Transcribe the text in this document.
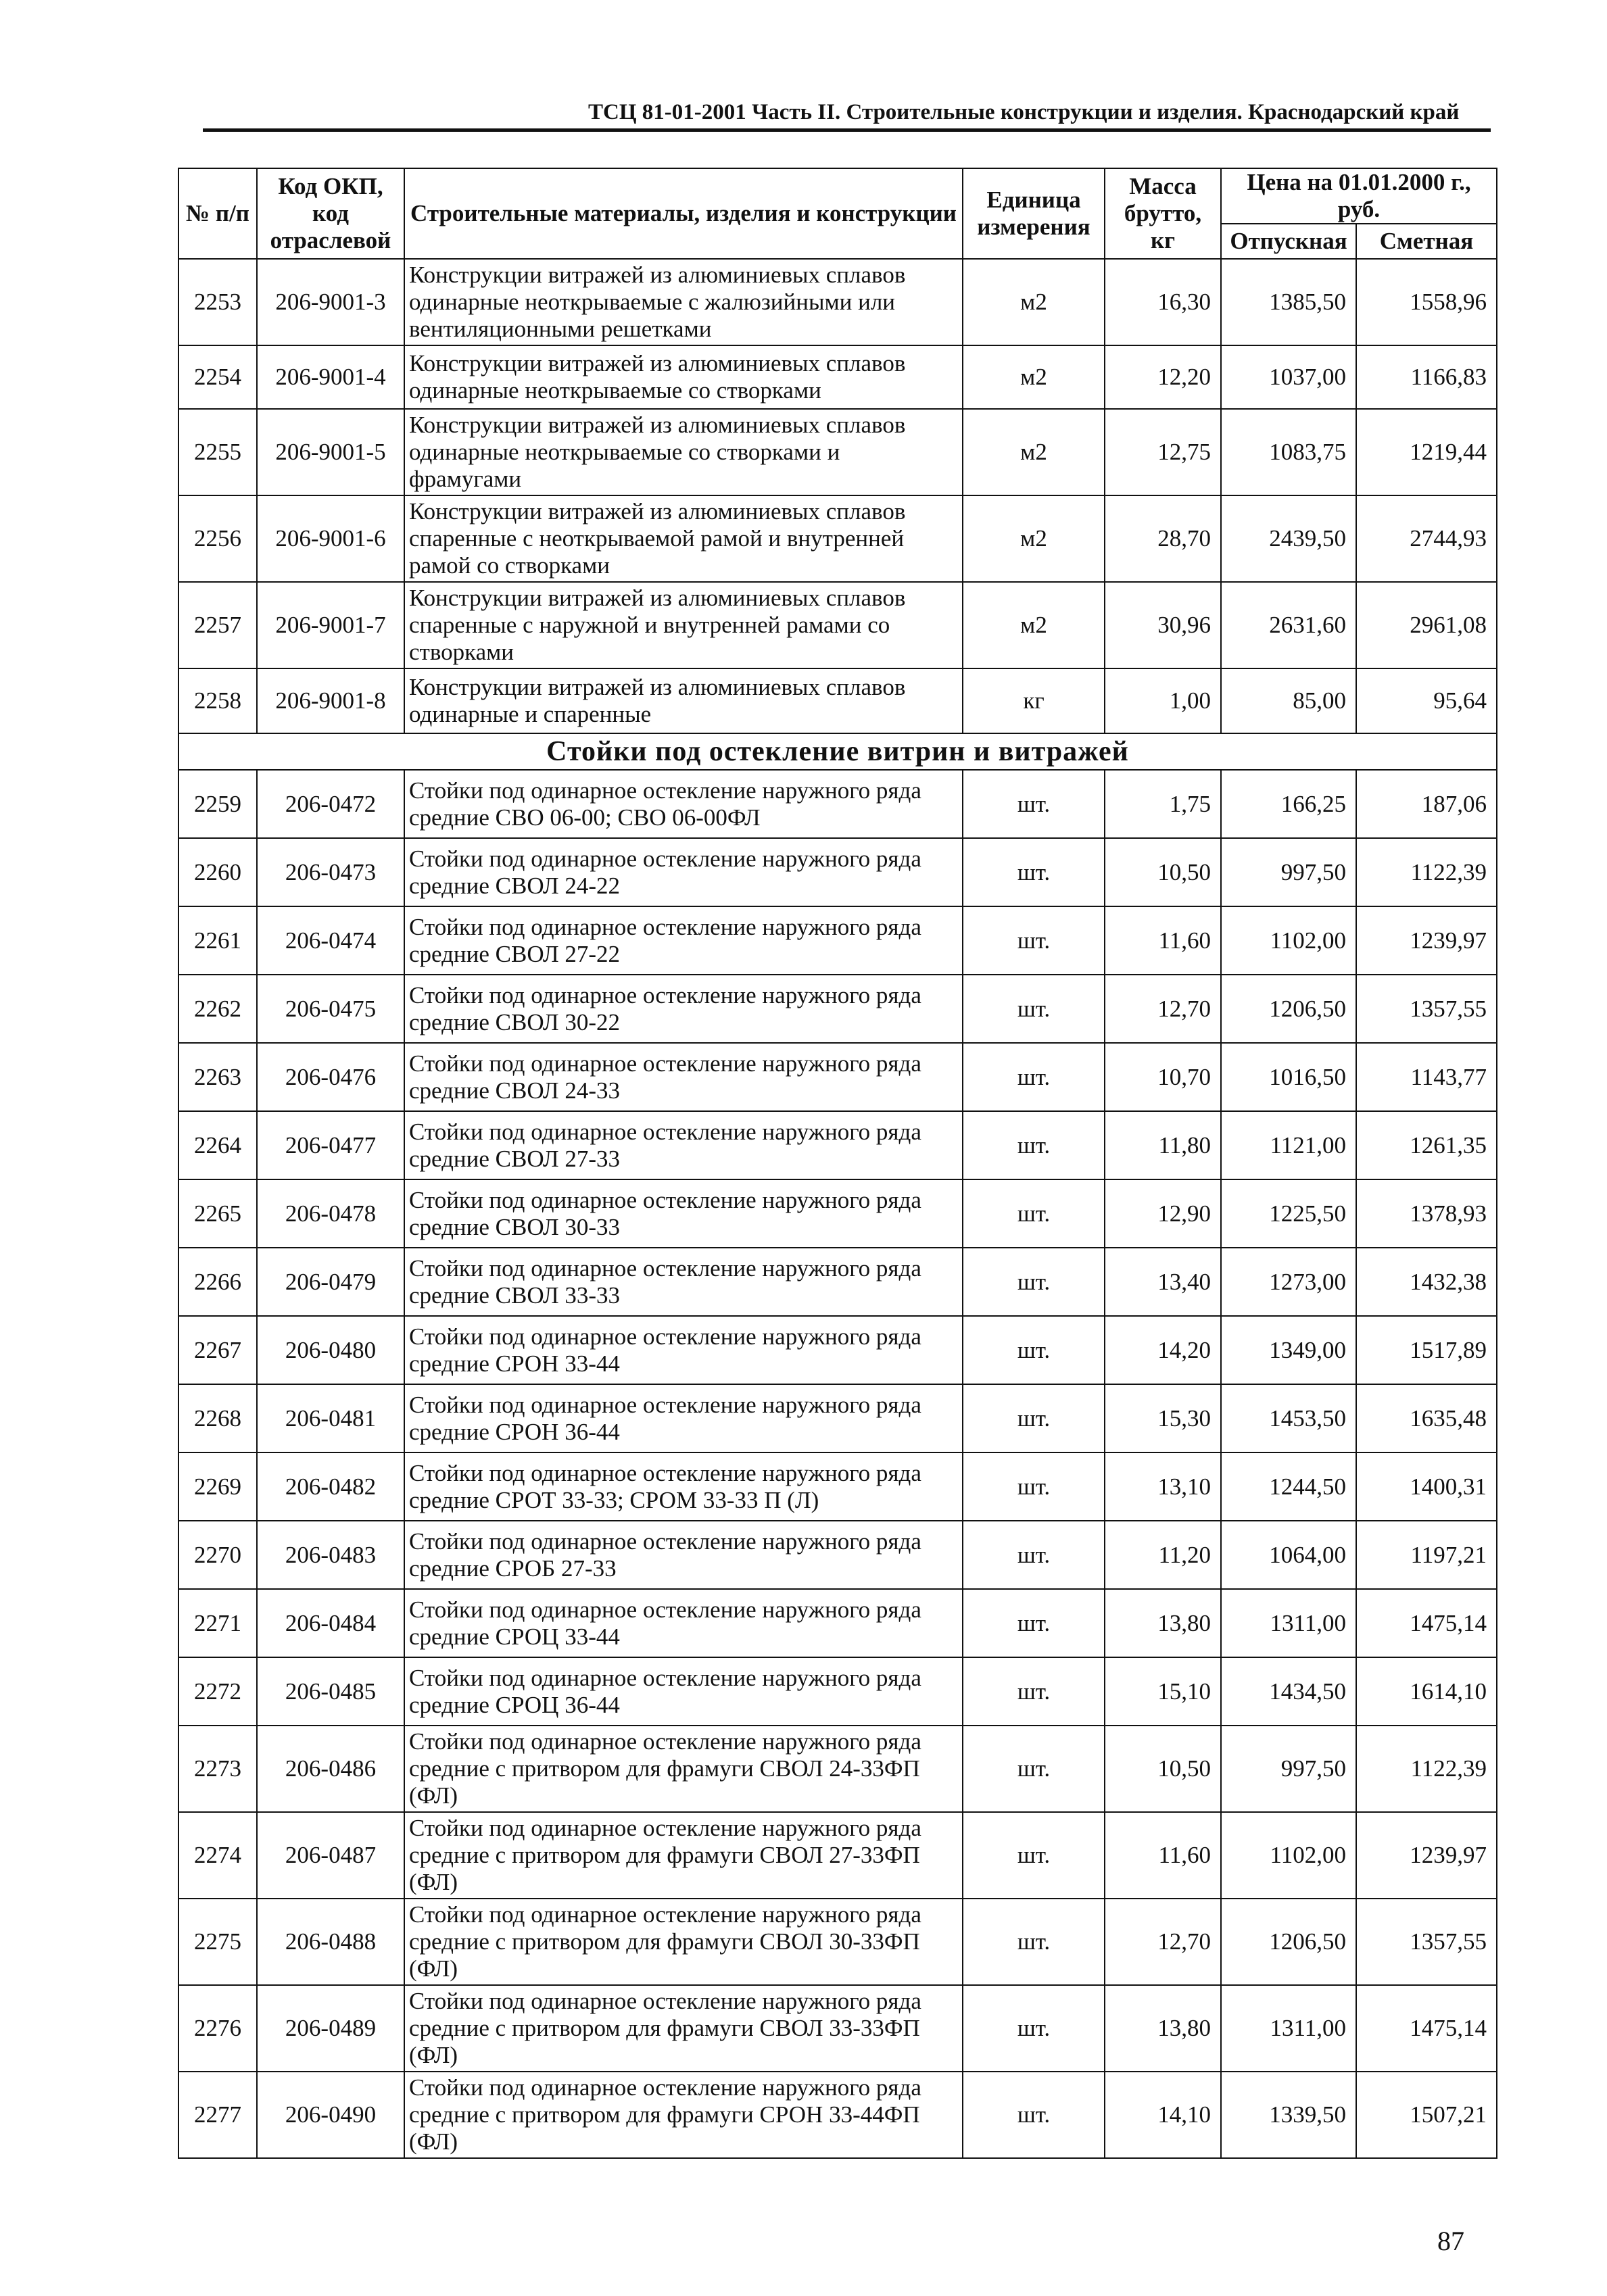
ТСЦ 81-01-2001 Часть II. Строительные конструкции и изделия. Краснодарский край
№ п/п	Код ОКП, код отраслевой	Строительные материалы, изделия и конструкции	Единица измерения	Масса брутто, кг	Цена на 01.01.2000 г., руб.	
					Отпускная	Сметная
2253	206-9001-3	Конструкции витражей из алюминиевых сплавов одинарные неоткрываемые с жалюзийными или вентиляционными решетками	м2	16,30	1385,50	1558,96
2254	206-9001-4	Конструкции витражей из алюминиевых сплавов одинарные неоткрываемые со створками	м2	12,20	1037,00	1166,83
2255	206-9001-5	Конструкции витражей из алюминиевых сплавов одинарные неоткрываемые со створками и фрамугами	м2	12,75	1083,75	1219,44
2256	206-9001-6	Конструкции витражей из алюминиевых сплавов спаренные с неоткрываемой рамой и внутренней рамой со створками	м2	28,70	2439,50	2744,93
2257	206-9001-7	Конструкции витражей из алюминиевых сплавов спаренные с наружной и внутренней рамами со створками	м2	30,96	2631,60	2961,08
2258	206-9001-8	Конструкции витражей из алюминиевых сплавов одинарные и спаренные	кг	1,00	85,00	95,64
Стойки под остекление витрин и витражей						
2259	206-0472	Стойки под одинарное остекление наружного ряда средние СВО 06-00; СВО 06-00ФЛ	шт.	1,75	166,25	187,06
2260	206-0473	Стойки под одинарное остекление наружного ряда средние СВОЛ 24-22	шт.	10,50	997,50	1122,39
2261	206-0474	Стойки под одинарное остекление наружного ряда средние СВОЛ 27-22	шт.	11,60	1102,00	1239,97
2262	206-0475	Стойки под одинарное остекление наружного ряда средние СВОЛ 30-22	шт.	12,70	1206,50	1357,55
2263	206-0476	Стойки под одинарное остекление наружного ряда средние СВОЛ 24-33	шт.	10,70	1016,50	1143,77
2264	206-0477	Стойки под одинарное остекление наружного ряда средние СВОЛ 27-33	шт.	11,80	1121,00	1261,35
2265	206-0478	Стойки под одинарное остекление наружного ряда средние СВОЛ 30-33	шт.	12,90	1225,50	1378,93
2266	206-0479	Стойки под одинарное остекление наружного ряда средние СВОЛ 33-33	шт.	13,40	1273,00	1432,38
2267	206-0480	Стойки под одинарное остекление наружного ряда средние СРОН 33-44	шт.	14,20	1349,00	1517,89
2268	206-0481	Стойки под одинарное остекление наружного ряда средние СРОН 36-44	шт.	15,30	1453,50	1635,48
2269	206-0482	Стойки под одинарное остекление наружного ряда средние СРОТ 33-33; СРОМ 33-33 П (Л)	шт.	13,10	1244,50	1400,31
2270	206-0483	Стойки под одинарное остекление наружного ряда средние СРОБ 27-33	шт.	11,20	1064,00	1197,21
2271	206-0484	Стойки под одинарное остекление наружного ряда средние СРОЦ 33-44	шт.	13,80	1311,00	1475,14
2272	206-0485	Стойки под одинарное остекление наружного ряда средние СРОЦ 36-44	шт.	15,10	1434,50	1614,10
2273	206-0486	Стойки под одинарное остекление наружного ряда средние с притвором для фрамуги СВОЛ 24-33ФП (ФЛ)	шт.	10,50	997,50	1122,39
2274	206-0487	Стойки под одинарное остекление наружного ряда средние с притвором для фрамуги СВОЛ 27-33ФП (ФЛ)	шт.	11,60	1102,00	1239,97
2275	206-0488	Стойки под одинарное остекление наружного ряда средние с притвором для фрамуги СВОЛ 30-33ФП (ФЛ)	шт.	12,70	1206,50	1357,55
2276	206-0489	Стойки под одинарное остекление наружного ряда средние с притвором для фрамуги СВОЛ 33-33ФП (ФЛ)	шт.	13,80	1311,00	1475,14
2277	206-0490	Стойки под одинарное остекление наружного ряда средние с притвором для фрамуги СРОН 33-44ФП (ФЛ)	шт.	14,10	1339,50	1507,21
87
